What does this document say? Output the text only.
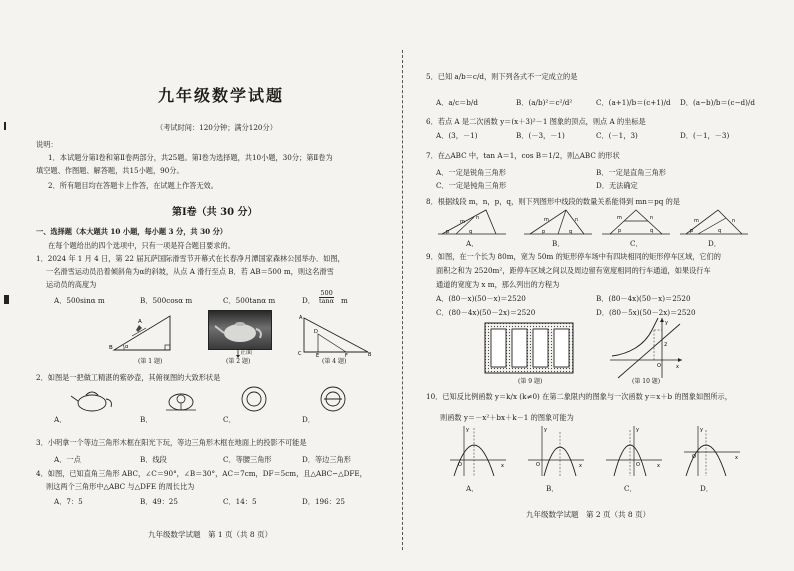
九年级数学试题
（考试时间：120分钟；满分120分）
说明：
1．本试题分第Ⅰ卷和第Ⅱ卷两部分，共25题。第Ⅰ卷为选择题，共10小题，30分；第Ⅱ卷为
填空题、作图题、解答题，共15小题，90分。
2．所有题目均在答题卡上作答，在试题上作答无效。
第Ⅰ卷（共 30 分）
一、选择题（本大题共 10 小题，每小题 3 分，共 30 分）
在每个题给出的四个选项中，只有一项是符合题目要求的。
1．2024 年 1 月 4 日，第 22 届瓦萨国际滑雪节开幕式在长春净月潭国家森林公园举办．如图，
一名滑雪运动员沿着倾斜角为α的斜坡，从点 A 滑行至点 B．若 AB＝500 m，则这名滑雪
运动员的高度为
A．500sinα m	B．500cosα m	C．500tanα m	D． $\frac{500}{\tan\alpha}$ m
α
B
A
(第 1 题)
正面
(第 2 题)
A
C	B
D
E	F
(第 4 题)
2．如图是一把做工精湛的紫砂壶，其俯视图的大致形状是
A．	B．	C．	D．
3．小明拿一个等边三角形木框在阳光下玩，等边三角形木框在地面上的投影不可能是
A．一点	B．线段	C．等腰三角形	D．等边三角形
4．如图，已知直角三角形 ABC，∠C＝90°，∠B＝30°，AC＝7cm，DF＝5cm，且△ABC∽△DFE，
则这两个三角形中△ABC 与△DFE 的周长比为
A．7：5	B．49：25	C．14：5	D．196：25
九年级数学试题　第 1 页（共 8 页）
5．已知 a/b＝c/d，则下列各式不一定成立的是
A．a/c＝b/d	B．(a/b)²＝c²/d²	C．(a+1)/b＝(c+1)/d D．(a−b)/b＝(c−d)/d
6．若点 A 是二次函数 y＝(x＋3)²－1 图象的顶点，则点 A 的坐标是
A．(3，－1)	B．(－3，－1)	C．(－1，3)	D．(－1，－3)
7．在△ABC 中，tan A＝1，cos B＝1/2，则△ABC 的形状
A．一定是锐角三角形	B．一定是直角三角形
C．一定是钝角三角形	D．无法确定
8．根据线段 m，n，p，q，则下列图形中线段的数量关系能得到 mn＝pq 的是
m
n
p	q
m	n
p	q
m	n
p	q
m	n
p	q
A．	B．	C．	D．
9．如图，在一个长为 80m，宽为 50m 的矩形停车场中有四块相同的矩形停车区域，它们的
面积之和为 2520m²，距停车区域之间以及周边留有宽度相同的行车通道，如果设行车
通道的宽度为 x m，那么列出的方程为
A．(80－x)(50－x)＝2520	B．(80－4x)(50－x)＝2520
C．(80－4x)(50－2x)＝2520	D．(80－5x)(50－2x)＝2520
(第 9 题)
2
O	x
y
(第 10 题)
10．已知反比例函数 y＝k/x (k≠0) 在第二象限内的图象与一次函数 y＝x＋b 的图象如图所示，
则函数 y＝－x²＋bx＋k－1 的图象可能为
O	x
y
O	x
y
O	x
y
O	x
y
A．	B．	C．	D．
九年级数学试题　第 2 页（共 8 页）
